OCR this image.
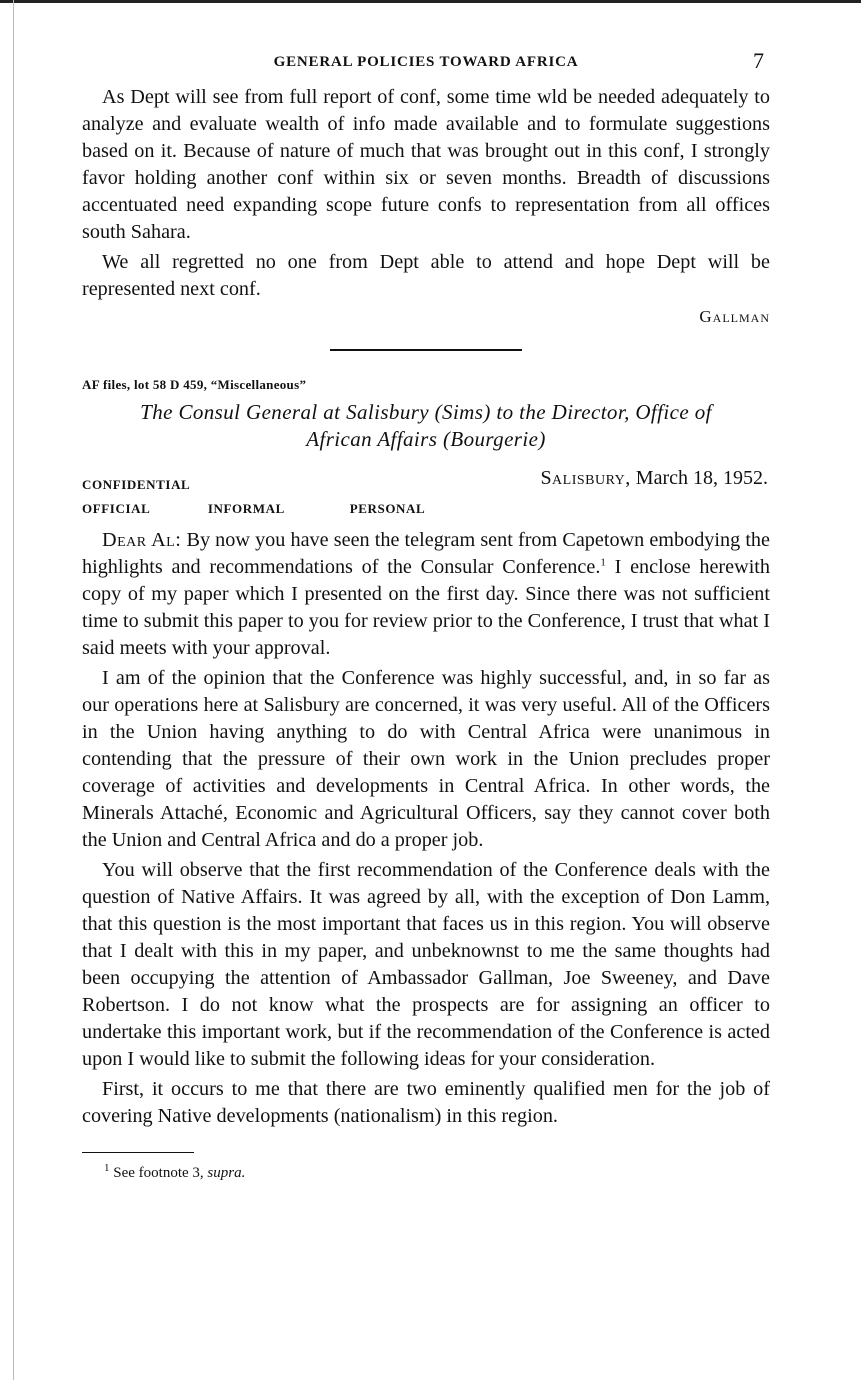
GENERAL POLICIES TOWARD AFRICA	7

As Dept will see from full report of conf, some time wld be needed adequately to analyze and evaluate wealth of info made available and to formulate suggestions based on it. Because of nature of much that was brought out in this conf, I strongly favor holding another conf within six or seven months. Breadth of discussions accentuated need expanding scope future confs to representation from all offices south Sahara.

We all regretted no one from Dept able to attend and hope Dept will be represented next conf.

Gallman
AF files, lot 58 D 459, “Miscellaneous”
The Consul General at Salisbury (Sims) to the Director, Office of
African Affairs (Bourgerie)
CONFIDENTIAL	Salisbury, March 18, 1952.
OFFICIAL	INFORMAL	PERSONAL

Dear Al: By now you have seen the telegram sent from Capetown embodying the highlights and recommendations of the Consular Conference.$^1$ I enclose herewith copy of my paper which I presented on the first day. Since there was not sufficient time to submit this paper to you for review prior to the Conference, I trust that what I said meets with your approval.

I am of the opinion that the Conference was highly successful, and, in so far as our operations here at Salisbury are concerned, it was very useful. All of the Officers in the Union having anything to do with Central Africa were unanimous in contending that the pressure of their own work in the Union precludes proper coverage of activities and developments in Central Africa. In other words, the Minerals Attaché, Economic and Agricultural Officers, say they cannot cover both the Union and Central Africa and do a proper job.

You will observe that the first recommendation of the Conference deals with the question of Native Affairs. It was agreed by all, with the exception of Don Lamm, that this question is the most important that faces us in this region. You will observe that I dealt with this in my paper, and unbeknownst to me the same thoughts had been occupying the attention of Ambassador Gallman, Joe Sweeney, and Dave Robertson. I do not know what the prospects are for assigning an officer to undertake this important work, but if the recommendation of the Conference is acted upon I would like to submit the following ideas for your consideration.

First, it occurs to me that there are two eminently qualified men for the job of covering Native developments (nationalism) in this region.

$^1$ See footnote 3, supra.
